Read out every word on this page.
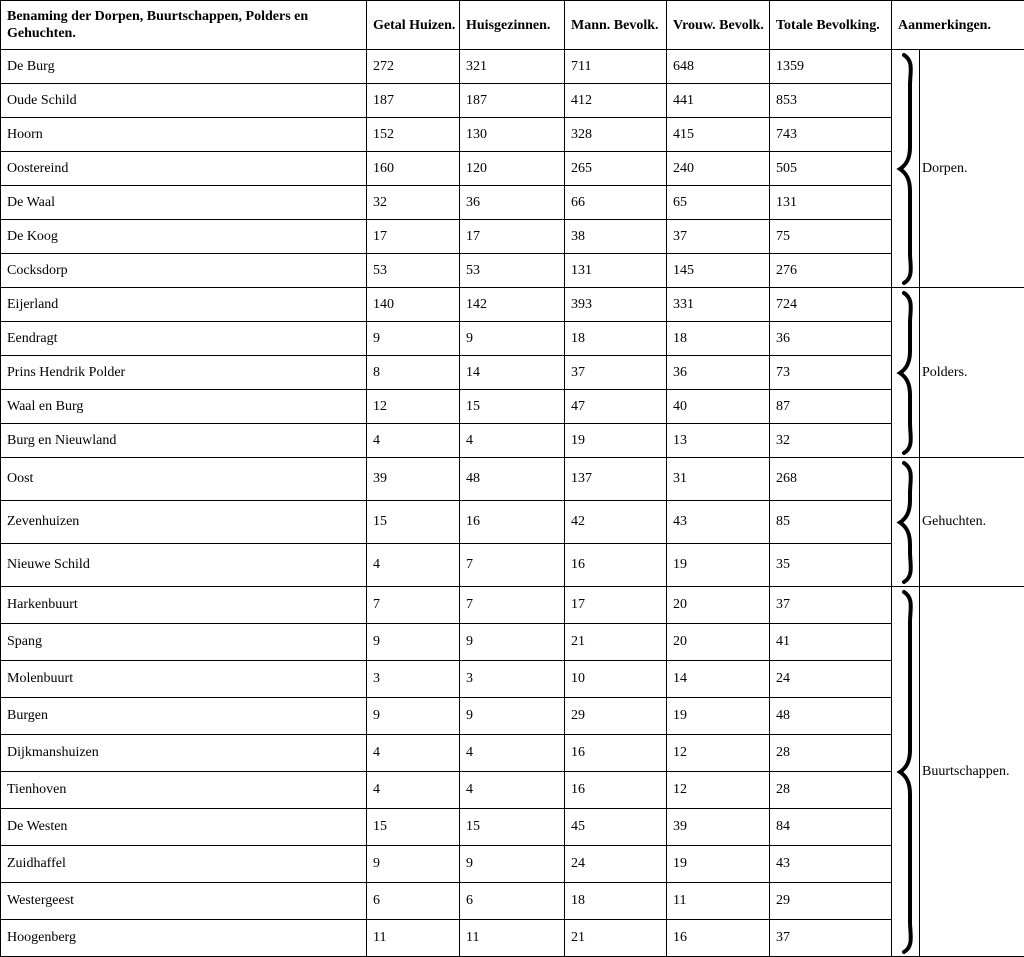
Benaming der Dorpen, Buurtschappen, Polders en Gehuchten.	Getal Huizen.	Huisgezinnen.	Mann. Bevolk.	Vrouw. Bevolk.	Totale Bevolking.	Aanmerkingen.	
De Burg	272	321	711	648	1359		Dorpen.
Oude Schild	187	187	412	441	853		
Hoorn	152	130	328	415	743		
Oostereind	160	120	265	240	505		
De Waal	32	36	66	65	131		
De Koog	17	17	38	37	75		
Cocksdorp	53	53	131	145	276		
Eijerland	140	142	393	331	724		Polders.
Eendragt	9	9	18	18	36		
Prins Hendrik Polder	8	14	37	36	73		
Waal en Burg	12	15	47	40	87		
Burg en Nieuwland	4	4	19	13	32		
Oost	39	48	137	31	268		Gehuchten.
Zevenhuizen	15	16	42	43	85		
Nieuwe Schild	4	7	16	19	35		
Harkenbuurt	7	7	17	20	37		Buurtschappen.
Spang	9	9	21	20	41		
Molenbuurt	3	3	10	14	24		
Burgen	9	9	29	19	48		
Dijkmanshuizen	4	4	16	12	28		
Tienhoven	4	4	16	12	28		
De Westen	15	15	45	39	84		
Zuidhaffel	9	9	24	19	43		
Westergeest	6	6	18	11	29		
Hoogenberg	11	11	21	16	37		
